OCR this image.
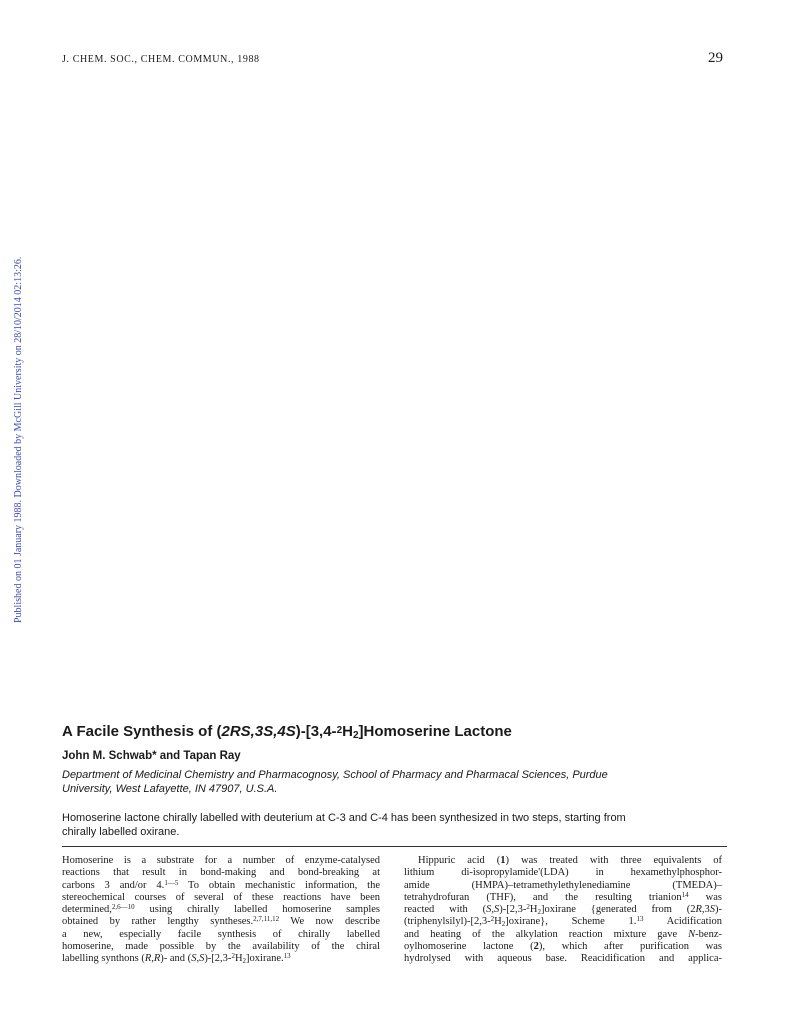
J. CHEM. SOC., CHEM. COMMUN., 1988	29
Published on 01 January 1988. Downloaded by McGill University on 28/10/2014 02:13:26.
A Facile Synthesis of $(2RS,3S,4S)-[3,4-^2H_2]Homoserine$ Lactone
John M. Schwab* and Tapan Ray
Department of Medicinal Chemistry and Pharmacognosy, School of Pharmacy and Pharmacal Sciences, Purdue
University, West Lafayette, IN 47907, U.S.A.
Homoserine lactone chirally labelled with deuterium at C-3 and C-4 has been synthesized in two steps, starting from
chirally labelled oxirane.
Homoserine is a substrate for a number of enzyme-catalysed
reactions that result in bond-making and bond-breaking at
carbons 3 and/or 4.$^{1—5}$ To obtain mechanistic information, the
stereochemical courses of several of these reactions have been
determined,$^{2,6—10}$ using chirally labelled homoserine samples
obtained by rather lengthy syntheses.$^{2,7,11,12}$ We now describe
a new, especially facile synthesis of chirally labelled
homoserine, made possible by the availability of the chiral
labelling synthons (R,R)- and $(S,S)-[2,3-^2H_2]oxirane.^{13}$
Hippuric acid (1) was treated with three equivalents of
lithium di-isopropylamide'(LDA) in hexamethylphosphor-
amide (HMPA)–tetramethylethylenediamine (TMEDA)–
tetrahydrofuran (THF), and the resulting trianion$^{14}$ was
reacted with $(S,S)-[2,3-^2H_2]oxirane$ {generated from (2R,3S)-
$(triphenylsilyl)-[2,3-^2H_2]oxirane$}, Scheme 1.13 Acidification
and heating of the alkylation reaction mixture gave N-benz-
oylhomoserine lactone (2), which after purification was
hydrolysed with aqueous base. Reacidification and applica-
